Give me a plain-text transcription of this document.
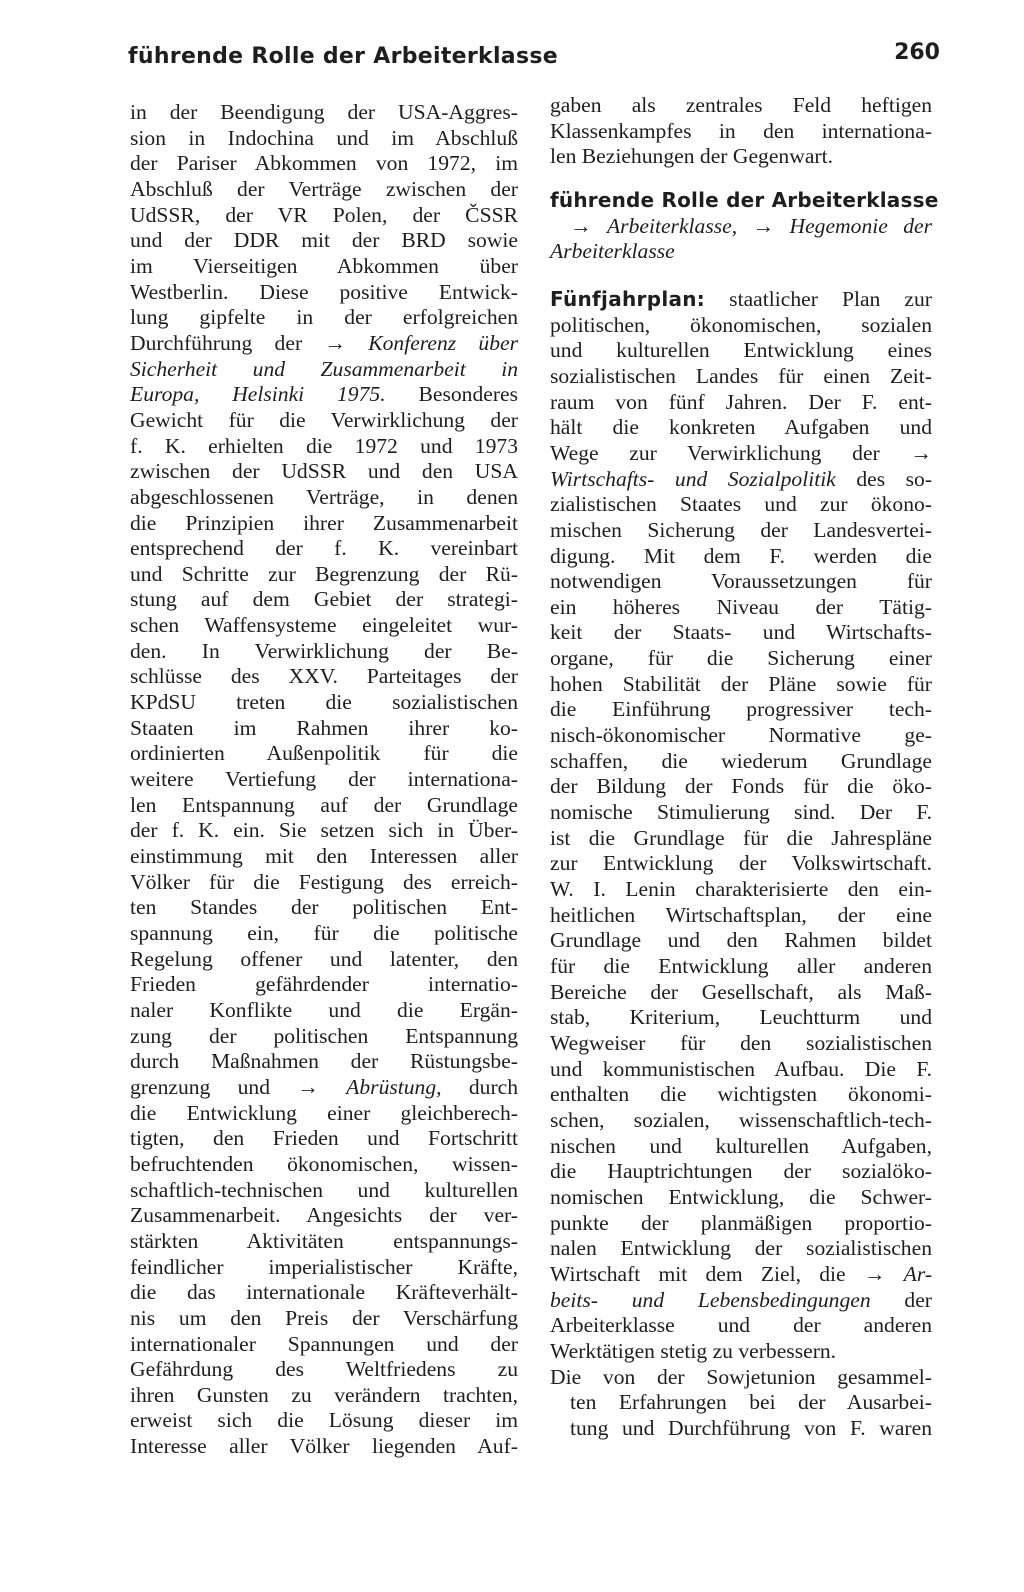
führende Rolle der Arbeiterklasse	260
in der Beendigung der USA-Aggres-
sion in Indochina und im Abschluß
der Pariser Abkommen von 1972, im
Abschluß der Verträge zwischen der
UdSSR, der VR Polen, der ČSSR
und der DDR mit der BRD sowie
im Vierseitigen Abkommen über
Westberlin. Diese positive Entwick-
lung gipfelte in der erfolgreichen
Durchführung der → Konferenz über
Sicherheit und Zusammenarbeit in
Europa, Helsinki 1975. Besonderes
Gewicht für die Verwirklichung der
f. K. erhielten die 1972 und 1973
zwischen der UdSSR und den USA
abgeschlossenen Verträge, in denen
die Prinzipien ihrer Zusammenarbeit
entsprechend der f. K. vereinbart
und Schritte zur Begrenzung der Rü-
stung auf dem Gebiet der strategi-
schen Waffensysteme eingeleitet wur-
den. In Verwirklichung der Be-
schlüsse des XXV. Parteitages der
KPdSU treten die sozialistischen
Staaten im Rahmen ihrer ko-
ordinierten Außenpolitik für die
weitere Vertiefung der internationa-
len Entspannung auf der Grundlage
der f. K. ein. Sie setzen sich in Über-
einstimmung mit den Interessen aller
Völker für die Festigung des erreich-
ten Standes der politischen Ent-
spannung ein, für die politische
Regelung offener und latenter, den
Frieden gefährdender internatio-
naler Konflikte und die Ergän-
zung der politischen Entspannung
durch Maßnahmen der Rüstungsbe-
grenzung und → Abrüstung, durch
die Entwicklung einer gleichberech-
tigten, den Frieden und Fortschritt
befruchtenden ökonomischen, wissen-
schaftlich-technischen und kulturellen
Zusammenarbeit. Angesichts der ver-
stärkten Aktivitäten entspannungs-
feindlicher imperialistischer Kräfte,
die das internationale Kräfteverhält-
nis um den Preis der Verschärfung
internationaler Spannungen und der
Gefährdung des Weltfriedens zu
ihren Gunsten zu verändern trachten,
erweist sich die Lösung dieser im
Interesse aller Völker liegenden Auf-
gaben als zentrales Feld heftigen
Klassenkampfes in den internationa-
len Beziehungen der Gegenwart.
führende Rolle der Arbeiterklasse
→ Arbeiterklasse, → Hegemonie der
Arbeiterklasse
Fünfjahrplan: staatlicher Plan zur
politischen, ökonomischen, sozialen
und kulturellen Entwicklung eines
sozialistischen Landes für einen Zeit-
raum von fünf Jahren. Der F. ent-
hält die konkreten Aufgaben und
Wege zur Verwirklichung der →
Wirtschafts- und Sozialpolitik des so-
zialistischen Staates und zur ökono-
mischen Sicherung der Landesvertei-
digung. Mit dem F. werden die
notwendigen Voraussetzungen für
ein höheres Niveau der Tätig-
keit der Staats- und Wirtschafts-
organe, für die Sicherung einer
hohen Stabilität der Pläne sowie für
die Einführung progressiver tech-
nisch-ökonomischer Normative ge-
schaffen, die wiederum Grundlage
der Bildung der Fonds für die öko-
nomische Stimulierung sind. Der F.
ist die Grundlage für die Jahrespläne
zur Entwicklung der Volkswirtschaft.
W. I. Lenin charakterisierte den ein-
heitlichen Wirtschaftsplan, der eine
Grundlage und den Rahmen bildet
für die Entwicklung aller anderen
Bereiche der Gesellschaft, als Maß-
stab, Kriterium, Leuchtturm und
Wegweiser für den sozialistischen
und kommunistischen Aufbau. Die F.
enthalten die wichtigsten ökonomi-
schen, sozialen, wissenschaftlich-tech-
nischen und kulturellen Aufgaben,
die Hauptrichtungen der sozialöko-
nomischen Entwicklung, die Schwer-
punkte der planmäßigen proportio-
nalen Entwicklung der sozialistischen
Wirtschaft mit dem Ziel, die → Ar-
beits- und Lebensbedingungen der
Arbeiterklasse und der anderen
Werktätigen stetig zu verbessern.
Die von der Sowjetunion gesammel-
ten Erfahrungen bei der Ausarbei-
tung und Durchführung von F. waren
